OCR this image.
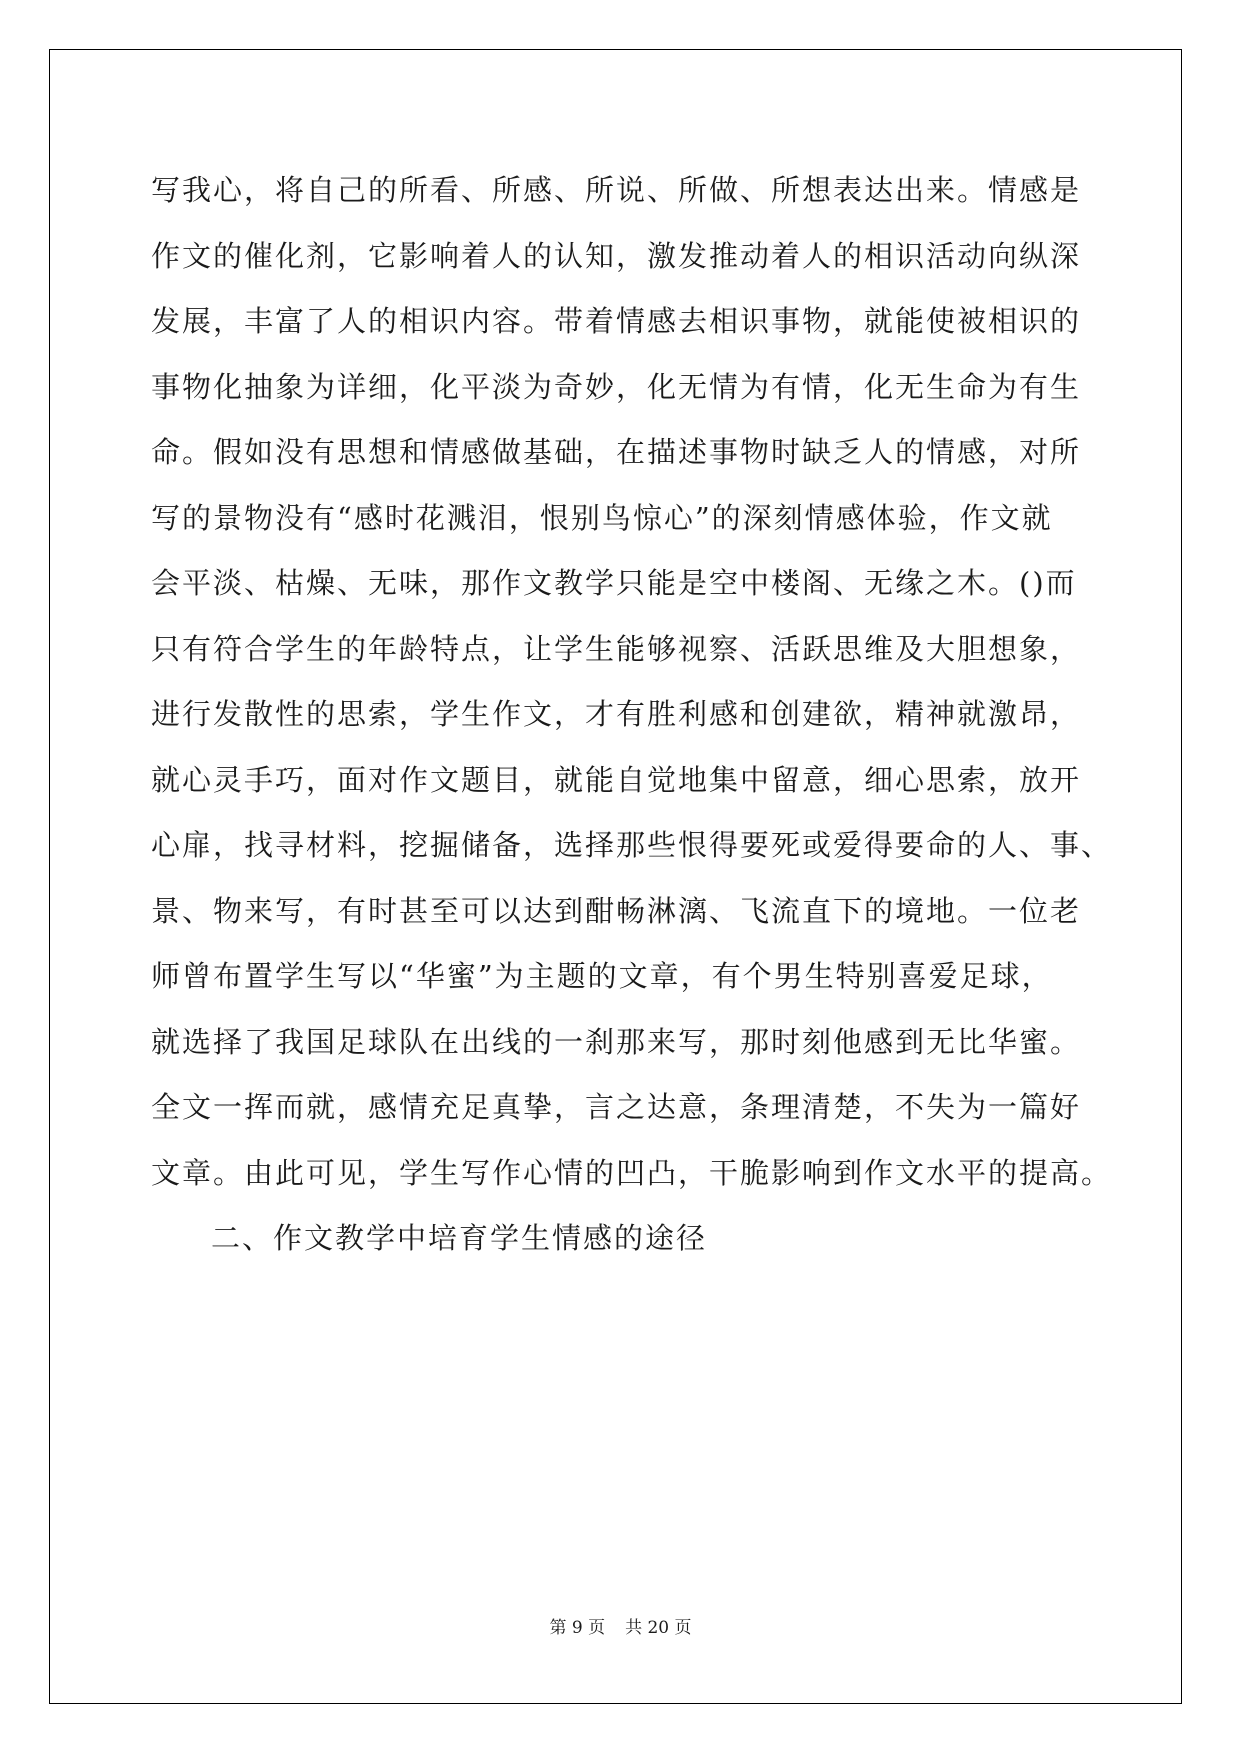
写我心，将自己的所看、所感、所说、所做、所想表达出来。情感是
作文的催化剂，它影响着人的认知，激发推动着人的相识活动向纵深
发展，丰富了人的相识内容。带着情感去相识事物，就能使被相识的
事物化抽象为详细，化平淡为奇妙，化无情为有情，化无生命为有生
命。假如没有思想和情感做基础，在描述事物时缺乏人的情感，对所
写的景物没有“感时花溅泪，恨别鸟惊心”的深刻情感体验，作文就
会平淡、枯燥、无味，那作文教学只能是空中楼阁、无缘之木。()而
只有符合学生的年龄特点，让学生能够视察、活跃思维及大胆想象，
进行发散性的思索，学生作文，才有胜利感和创建欲，精神就激昂，
就心灵手巧，面对作文题目，就能自觉地集中留意，细心思索，放开
心扉，找寻材料，挖掘储备，选择那些恨得要死或爱得要命的人、事、
景、物来写，有时甚至可以达到酣畅淋漓、飞流直下的境地。一位老
师曾布置学生写以“华蜜”为主题的文章，有个男生特别喜爱足球，
就选择了我国足球队在出线的一刹那来写，那时刻他感到无比华蜜。
全文一挥而就，感情充足真挚，言之达意，条理清楚，不失为一篇好
文章。由此可见，学生写作心情的凹凸，干脆影响到作文水平的提高。
二、作文教学中培育学生情感的途径
第 9 页 共 20 页
